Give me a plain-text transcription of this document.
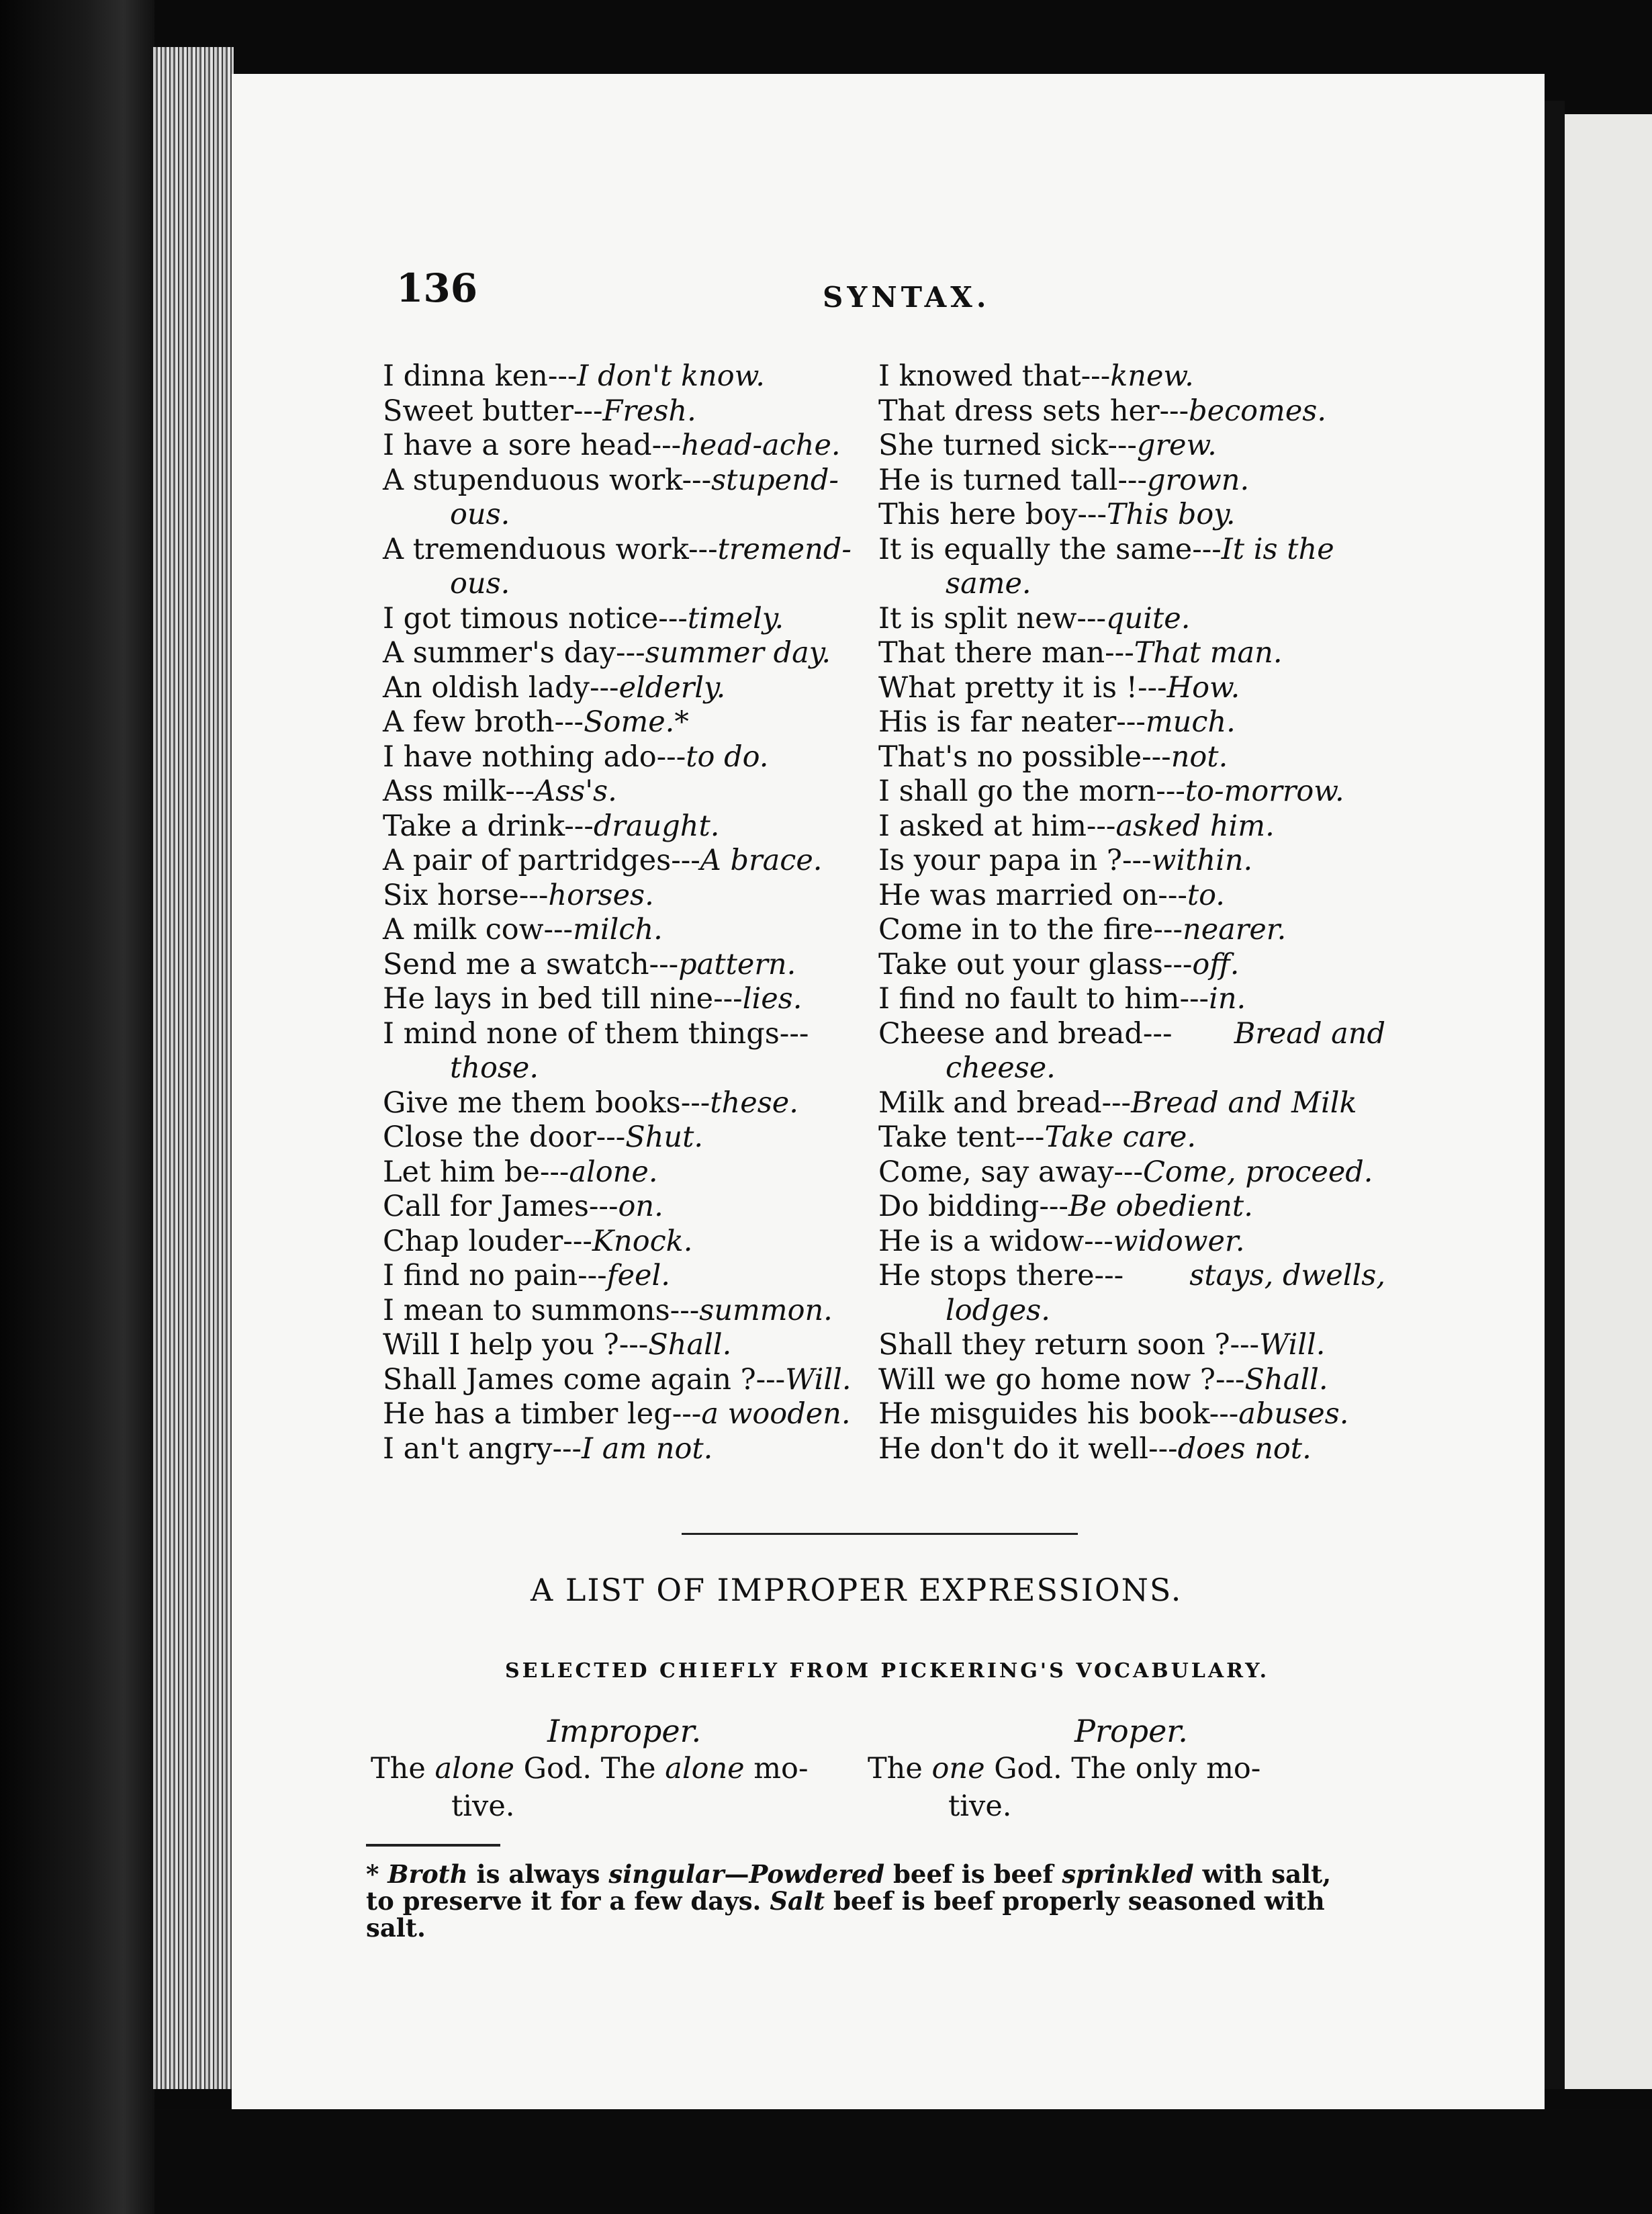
136	SYNTAX.
I dinna ken---I don't know.
Sweet butter---Fresh.
I have a sore head---head-ache.
A stupenduous work---stupend-
ous.
A tremenduous work---tremend-
ous.
I got timous notice---timely.
A summer's day---summer day.
An oldish lady---elderly.
A few broth---Some.*
I have nothing ado---to do.
Ass milk---Ass's.
Take a drink---draught.
A pair of partridges---A brace.
Six horse---horses.
A milk cow---milch.
Send me a swatch---pattern.
He lays in bed till nine---lies.
I mind none of them things---
those.
Give me them books---these.
Close the door---Shut.
Let him be---alone.
Call for James---on.
Chap louder---Knock.
I find no pain---feel.
I mean to summons---summon.
Will I help you ?---Shall.
Shall James come again ?---Will.
He has a timber leg---a wooden.
I an't angry---I am not.
I knowed that---knew.
That dress sets her---becomes.
She turned sick---grew.
He is turned tall---grown.
This here boy---This boy.
It is equally the same---It is the
same.
It is split new---quite.
That there man---That man.
What pretty it is !---How.
His is far neater---much.
That's no possible---not.
I shall go the morn---to-morrow.
I asked at him---asked him.
Is your papa in ?---within.
He was married on---to.
Come in to the fire---nearer.
Take out your glass---off.
I find no fault to him---in.
Cheese and bread--- Bread and
cheese.
Milk and bread---Bread and Milk
Take tent---Take care.
Come, say away---Come, proceed.
Do bidding---Be obedient.
He is a widow---widower.
He stops there--- stays, dwells,
lodges.
Shall they return soon ?---Will.
Will we go home now ?---Shall.
He misguides his book---abuses.
He don't do it well---does not.
A LIST OF IMPROPER EXPRESSIONS.
SELECTED CHIEFLY FROM PICKERING'S VOCABULARY.
Improper.	Proper.
The alone God. The alone mo-
tive.
The one God. The only mo-
tive.
* Broth is always singular—Powdered beef is beef sprinkled with salt,
to preserve it for a few days. Salt beef is beef properly seasoned with
salt.
